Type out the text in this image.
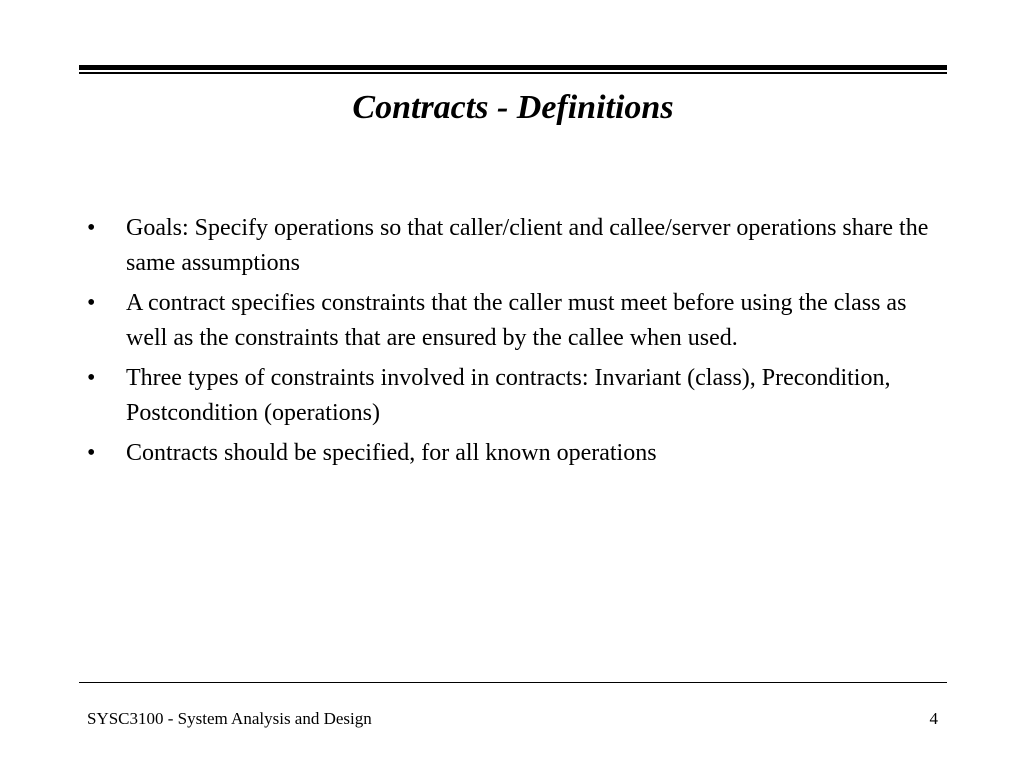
Contracts - Definitions
• Goals: Specify operations so that caller/client and callee/server operations share the same assumptions
• A contract specifies constraints that the caller must meet before using the class as well as the constraints that are ensured by the callee when used.
• Three types of constraints involved in contracts: Invariant (class), Precondition, Postcondition (operations)
• Contracts should be specified, for all known operations
SYSC3100 - System Analysis and Design	4
